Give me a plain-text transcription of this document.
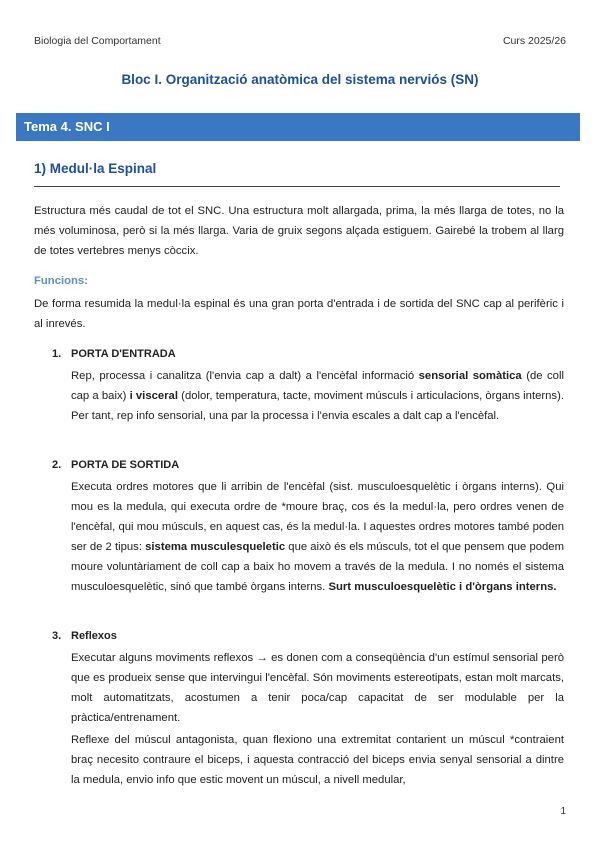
Biologia del Comportament	Curs 2025/26
Bloc I. Organització anatòmica del sistema nerviós (SN)
Tema 4. SNC I
1) Medul·la Espinal
Estructura més caudal de tot el SNC. Una estructura molt allargada, prima, la més llarga de totes, no la més voluminosa, però si la més llarga. Varia de gruix segons alçada estiguem. Gairebé la trobem al llarg de totes vertebres menys còccix.
Funcions:
De forma resumida la medul·la espinal és una gran porta d'entrada i de sortida del SNC cap al perifèric i al inrevés.
1. PORTA D'ENTRADA
Rep, processa i canalitza (l'envia cap a dalt) a l'encèfal informació sensorial somàtica (de coll cap a baix) i visceral (dolor, temperatura, tacte, moviment músculs i articulacions, òrgans interns). Per tant, rep info sensorial, una par la processa i l'envia escales a dalt cap a l'encèfal.
2. PORTA DE SORTIDA
Executa ordres motores que li arribin de l'encèfal (sist. musculoesquelètic i òrgans interns). Qui mou es la medula, qui executa ordre de *moure braç, cos és la medul·la, pero ordres venen de l'encèfal, qui mou músculs, en aquest cas, és la medul·la. I aquestes ordres motores també poden ser de 2 tipus: sistema musculesqueletic que això és els músculs, tot el que pensem que podem moure voluntàriament de coll cap a baix ho movem a través de la medula. I no només el sistema musculoesquelètic, sinó que també òrgans interns. Surt musculoesquelètic i d'òrgans interns.
3. Reflexos
Executar alguns moviments reflexos → es donen com a conseqüència d'un estímul sensorial però que es produeix sense que intervingui l'encèfal. Són moviments estereotipats, estan molt marcats, molt automatitzats, acostumen a tenir poca/cap capacitat de ser modulable per la pràctica/entrenament.
Reflexe del múscul antagonista, quan flexiono una extremitat contarient un múscul *contraient braç necesito contraure el biceps, i aquesta contracció del biceps envia senyal sensorial a dintre la medula, envio info que estic movent un múscul, a nivell medular,
1
